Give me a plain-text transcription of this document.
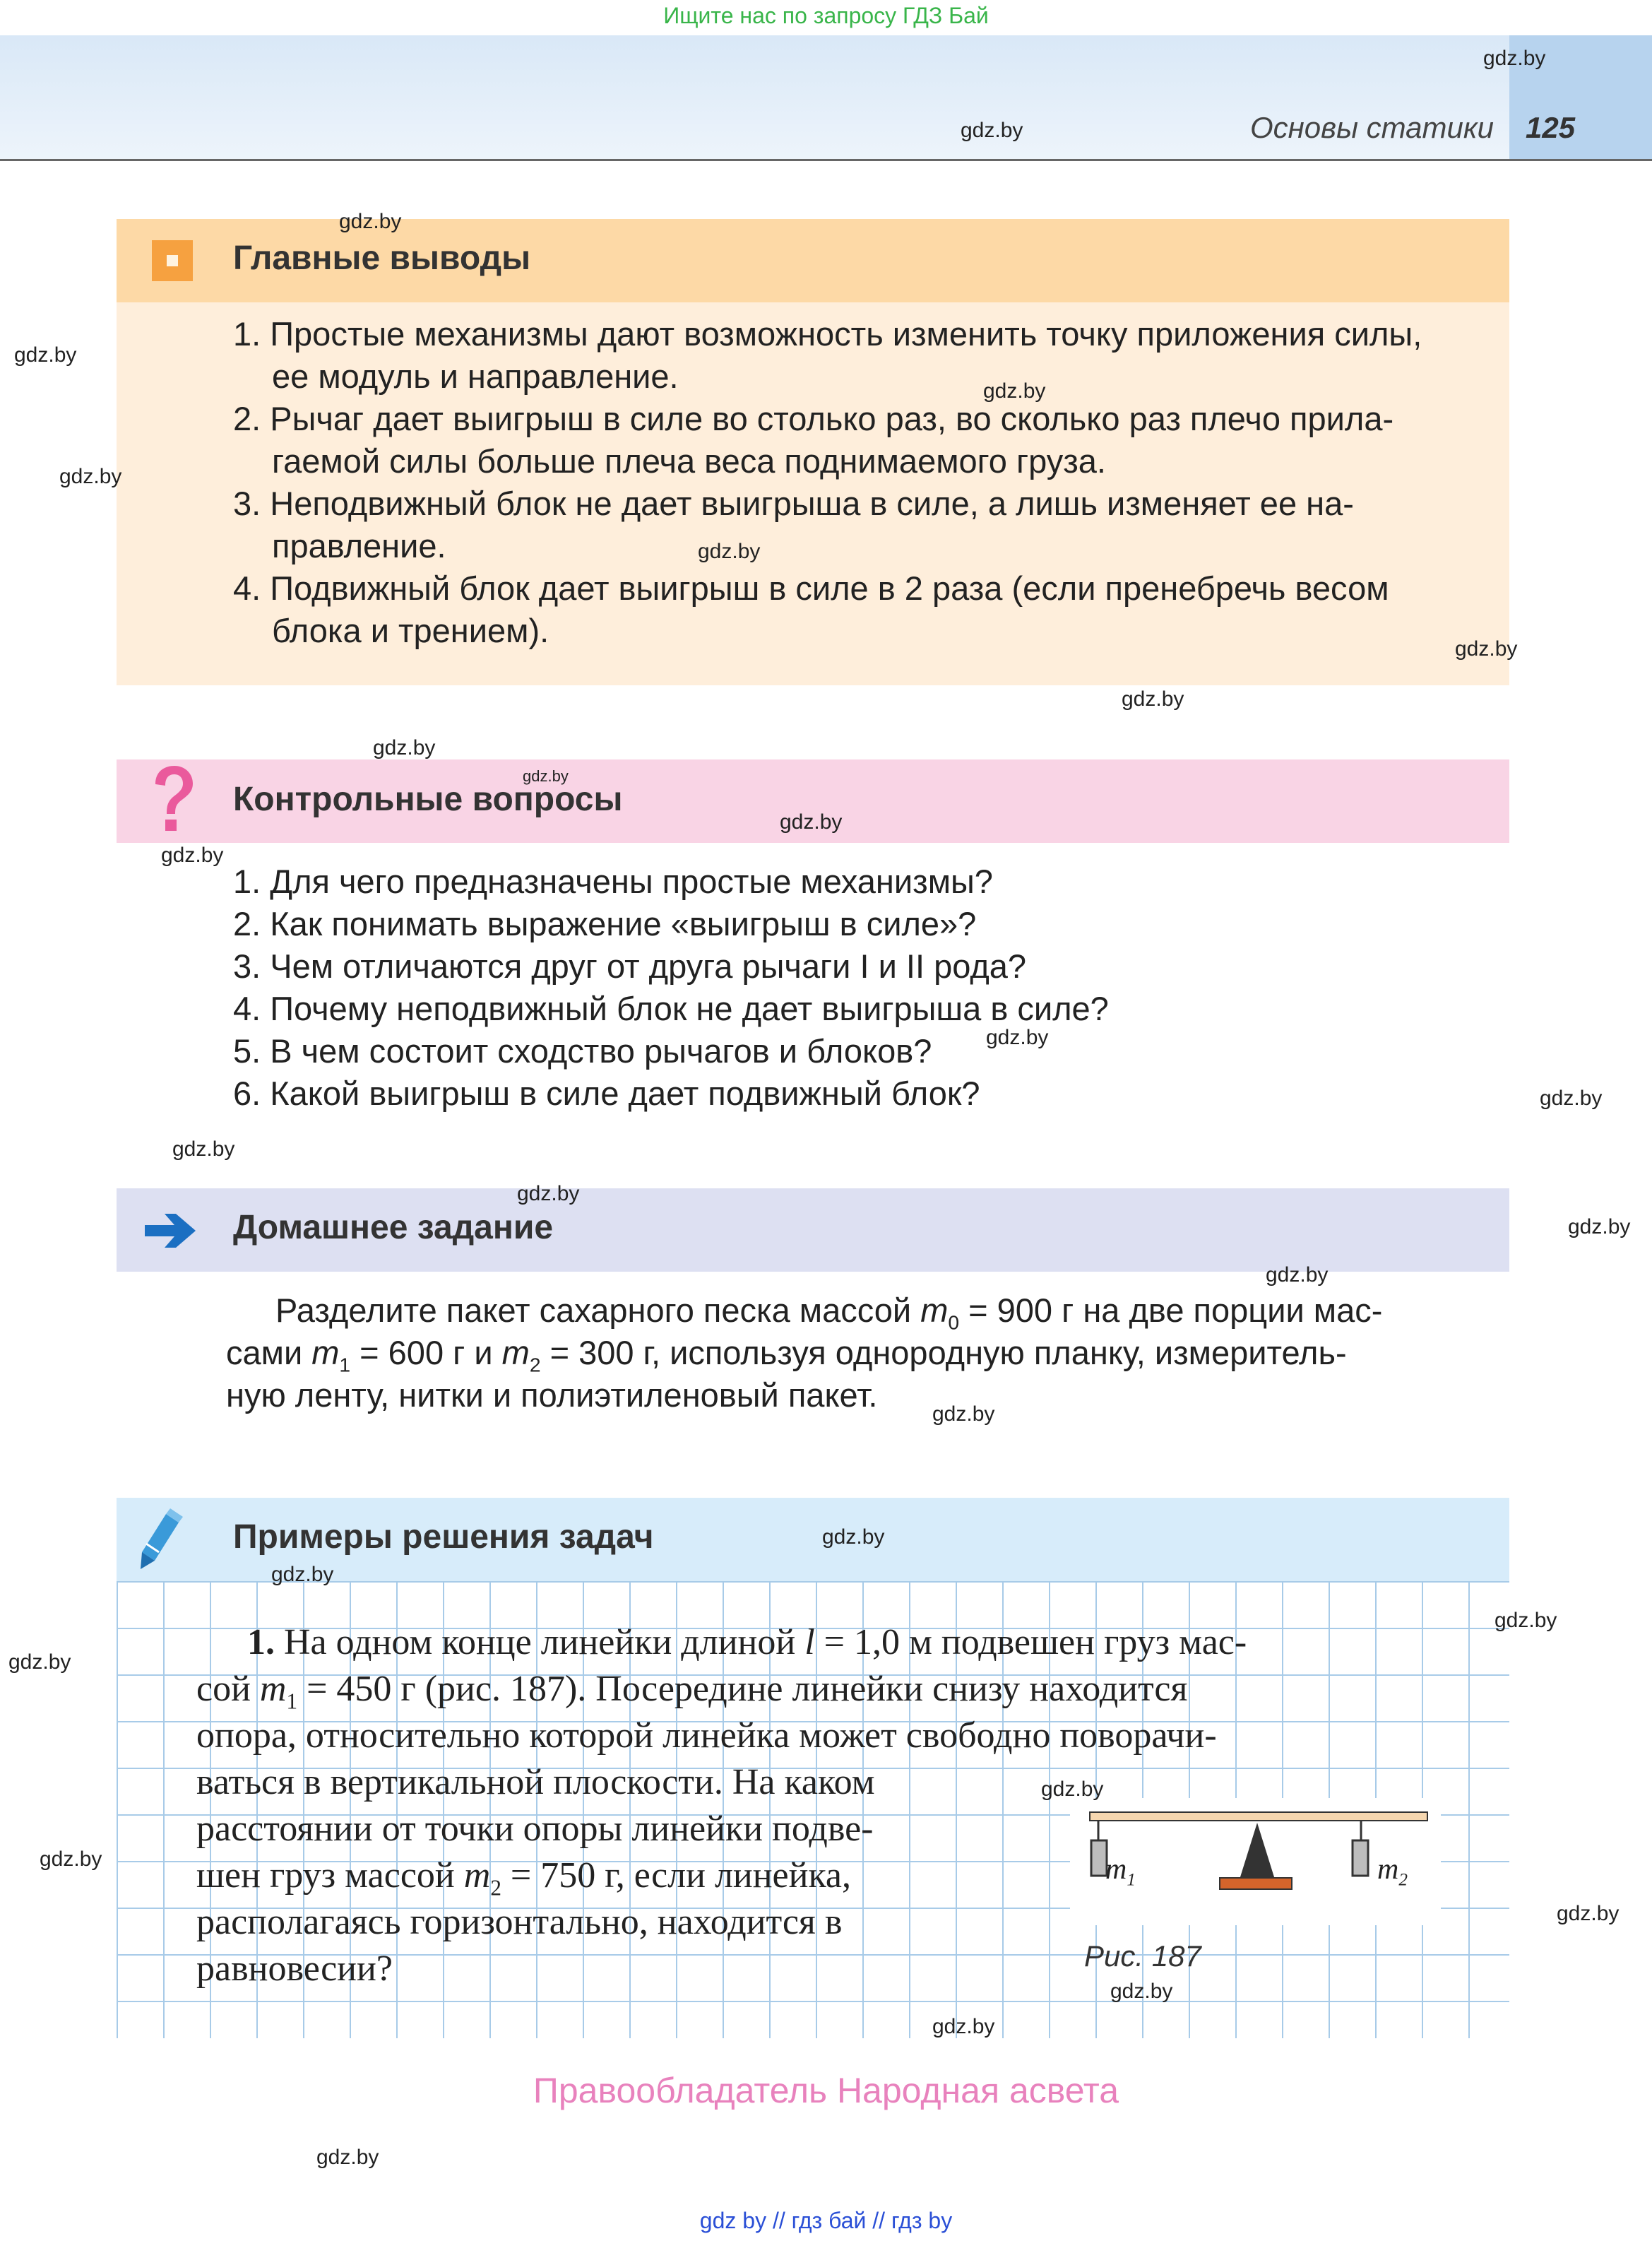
Ищите нас по запросу ГДЗ Бай
Основы статики 125
Главные выводы
1. Простые механизмы дают возможность изменить точку приложения силы,
ее модуль и направление.
2. Рычаг дает выигрыш в силе во столько раз, во сколько раз плечо прила-
гаемой силы больше плеча веса поднимаемого груза.
3. Неподвижный блок не дает выигрыша в силе, а лишь изменяет ее на-
правление.
4. Подвижный блок дает выигрыш в силе в 2 раза (если пренебречь весом
блока и трением).
Контрольные вопросы
1. Для чего предназначены простые механизмы?
2. Как понимать выражение «выигрыш в силе»?
3. Чем отличаются друг от друга рычаги I и II рода?
4. Почему неподвижный блок не дает выигрыша в силе?
5. В чем состоит сходство рычагов и блоков?
6. Какой выигрыш в силе дает подвижный блок?
Домашнее задание
Разделите пакет сахарного песка массой $m_0 = 900$ г на две порции мас-
сами $m_1 = 600$ г и $m_2 = 300$ г, используя однородную планку, измеритель-
ную ленту, нитки и полиэтиленовый пакет.
Примеры решения задач
1. На одном конце линейки длиной l = 1,0 м подвешен груз мас-
сой $m_1 = 450$ г (рис. 187). Посередине линейки снизу находится
опора, относительно которой линейка может свободно поворачи-
ваться в вертикальной плоскости. На каком
расстоянии от точки опоры линейки подве-
шен груз массой $m_2 = 750$ г, если линейка,
располагаясь горизонтально, находится в
равновесии?
$m_1$	$m_2$
Рис. 187
Правообладатель Народная асвета
gdz by // гдз бай // гдз by
gdz.by
gdz.by
gdz.by
gdz.by
gdz.by
gdz.by
gdz.by
gdz.by
gdz.by
gdz.by
gdz.by
gdz.by
gdz.by
gdz.by
gdz.by
gdz.by
gdz.by
gdz.by
gdz.by
gdz.by
gdz.by
gdz.by
gdz.by
gdz.by
gdz.by
gdz.by
gdz.by
gdz.by
gdz.by
gdz.by
